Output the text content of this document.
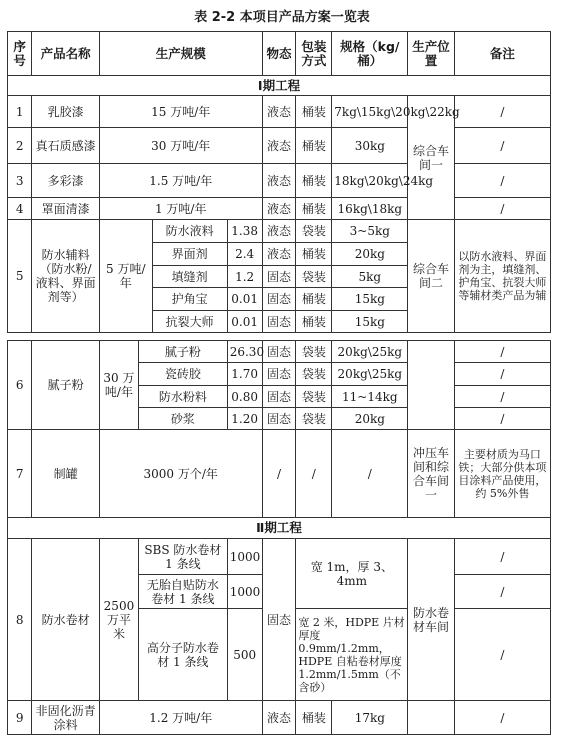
表 2-2 本项目产品方案一览表
序号	产品名称	生产规模			物态	包装方式	规格（kg/桶）	生产位置	备注
Ⅰ期工程									
1	乳胶漆	15 万吨/年			液态	桶装	7kg\15kg\20kg\22kg	综合车间一	/
2	真石质感漆	30 万吨/年			液态	桶装	30kg		/
3	多彩漆	1.5 万吨/年			液态	桶装	18kg\20kg\24kg		/
4	罩面清漆	1 万吨/年			液态	桶装	16kg\18kg		/
5	防水辅料（防水粉/液料、界面剂等）	5 万吨/年	防水液料	1.38	液态	袋装	3~5kg	综合车间二	以防水液料、界面剂为主，填缝剂、护角宝、抗裂大师等辅材类产品为辅
			界面剂	2.4	液态	桶装	20kg		
			填缝剂	1.2	固态	袋装	5kg		
			护角宝	0.01	固态	桶装	15kg		
			抗裂大师	0.01	固态	桶装	15kg		
6	腻子粉	30 万吨/年	腻子粉	26.30	固态	袋装	20kg\25kg		/
			瓷砖胶	1.70	固态	袋装	20kg\25kg		/
			防水粉料	0.80	固态	袋装	11~14kg		/
			砂浆	1.20	固态	袋装	20kg		/
7	制罐	3000 万个/年			/	/	/	冲压车间和综合车间一	主要材质为马口铁；大部分供本项目涂料产品使用，约 5%外售
Ⅱ期工程									
8	防水卷材	2500 万平米	SBS 防水卷材 1 条线	1000	固态	宽 1m，厚 3、4mm		防水卷材车间	/
			无胎自贴防水卷材 1 条线	1000					/
			高分子防水卷材 1 条线	500		宽 2 米，HDPE 片材厚度 0.9mm/1.2mm，HDPE 自粘卷材厚度 1.2mm/1.5mm（不含砂）			/
9	非固化沥青涂料	1.2 万吨/年			液态	桶装	17kg		/
